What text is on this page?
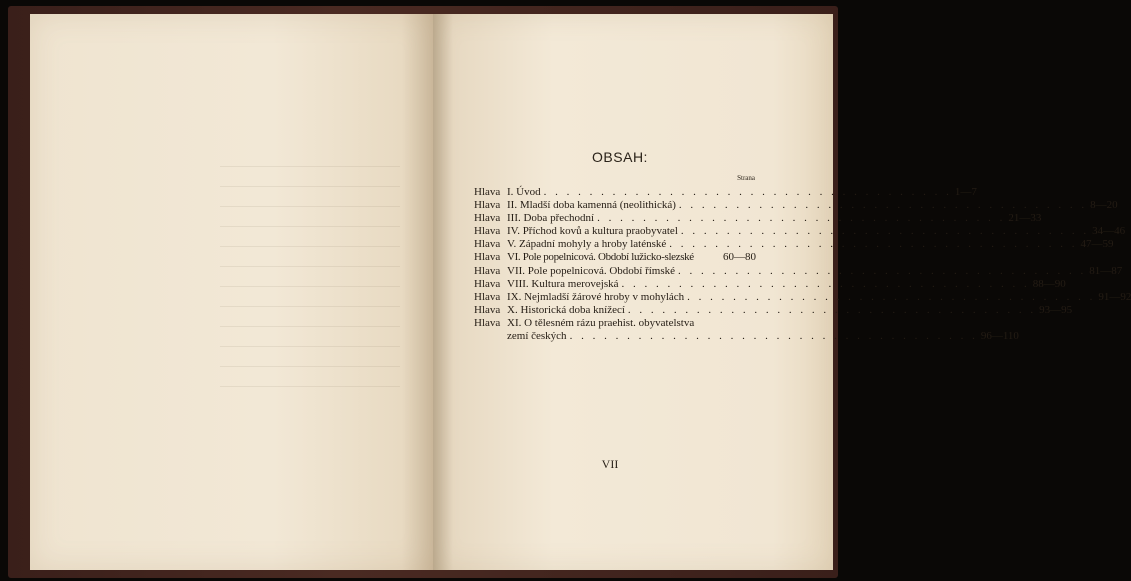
OBSAH:
Strana
Hlava I. Úvod . . . . . . . . . . . . . . . . . . . . . . . . . . . . . . . . . . . . 1—7
Hlava II. Mladší doba kamenná (neolithická) . . . . . . . . . . . . . . . . . . . . . . . . . . . . . . . . . . . . 8—20
Hlava III. Doba přechodní . . . . . . . . . . . . . . . . . . . . . . . . . . . . . . . . . . . . 21—33
Hlava IV. Příchod kovů a kultura praobyvatel . . . . . . . . . . . . . . . . . . . . . . . . . . . . . . . . . . . . 34—46
Hlava V. Západní mohyly a hroby laténské . . . . . . . . . . . . . . . . . . . . . . . . . . . . . . . . . . . . 47—59
Hlava VI. Pole popelnicová. Období lužicko-slezské	60—80
Hlava VII. Pole popelnicová. Období římské . . . . . . . . . . . . . . . . . . . . . . . . . . . . . . . . . . . . 81—87
Hlava VIII. Kultura merovejská . . . . . . . . . . . . . . . . . . . . . . . . . . . . . . . . . . . . 88—90
Hlava IX. Nejmladší žárové hroby v mohylách . . . . . . . . . . . . . . . . . . . . . . . . . . . . . . . . . . . . 91—92
Hlava X. Historická doba knížecí . . . . . . . . . . . . . . . . . . . . . . . . . . . . . . . . . . . . 93—95
Hlava XI. O tělesném rázu praehist. obyvatelstva
zemí českých . . . . . . . . . . . . . . . . . . . . . . . . . . . . . . . . . . . . 96—110
VII
